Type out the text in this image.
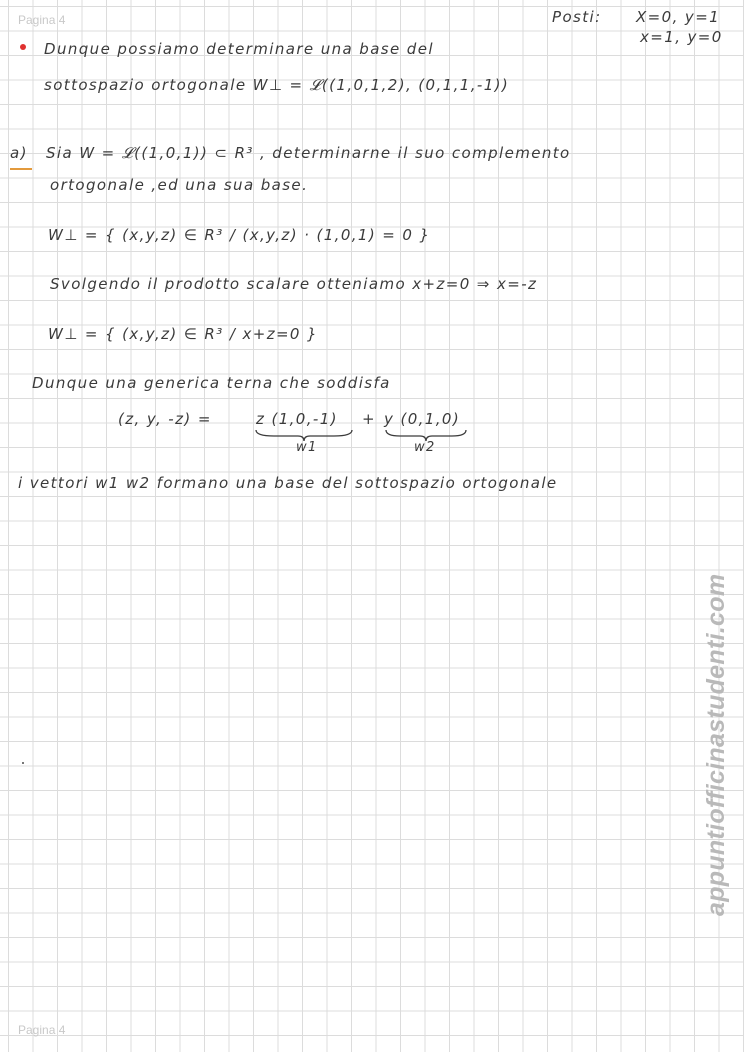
Pagina 4	Posti: X=0, y=1
x=1, y=0
Dunque possiamo determinare una base del
sottospazio ortogonale W⊥ = 𝓛((1,0,1,2), (0,1,1,-1))
a) Sia W = 𝓛((1,0,1)) ⊂ R³ , determinarne il suo complemento
ortogonale ,ed una sua base.
W⊥ = { (x,y,z) ∈ R³ / (x,y,z) · (1,0,1) = 0 }
Svolgendo il prodotto scalare otteniamo x+z=0 ⇒ x=-z
W⊥ = { (x,y,z) ∈ R³ / x+z=0 }
Dunque una generica terna che soddisfa
(z, y, -z) =	z (1,0,-1) + y (0,1,0)
w1	w2
i vettori w1 w2 formano una base del sottospazio ortogonale
appuntiofficinastudenti.com
Pagina 4
